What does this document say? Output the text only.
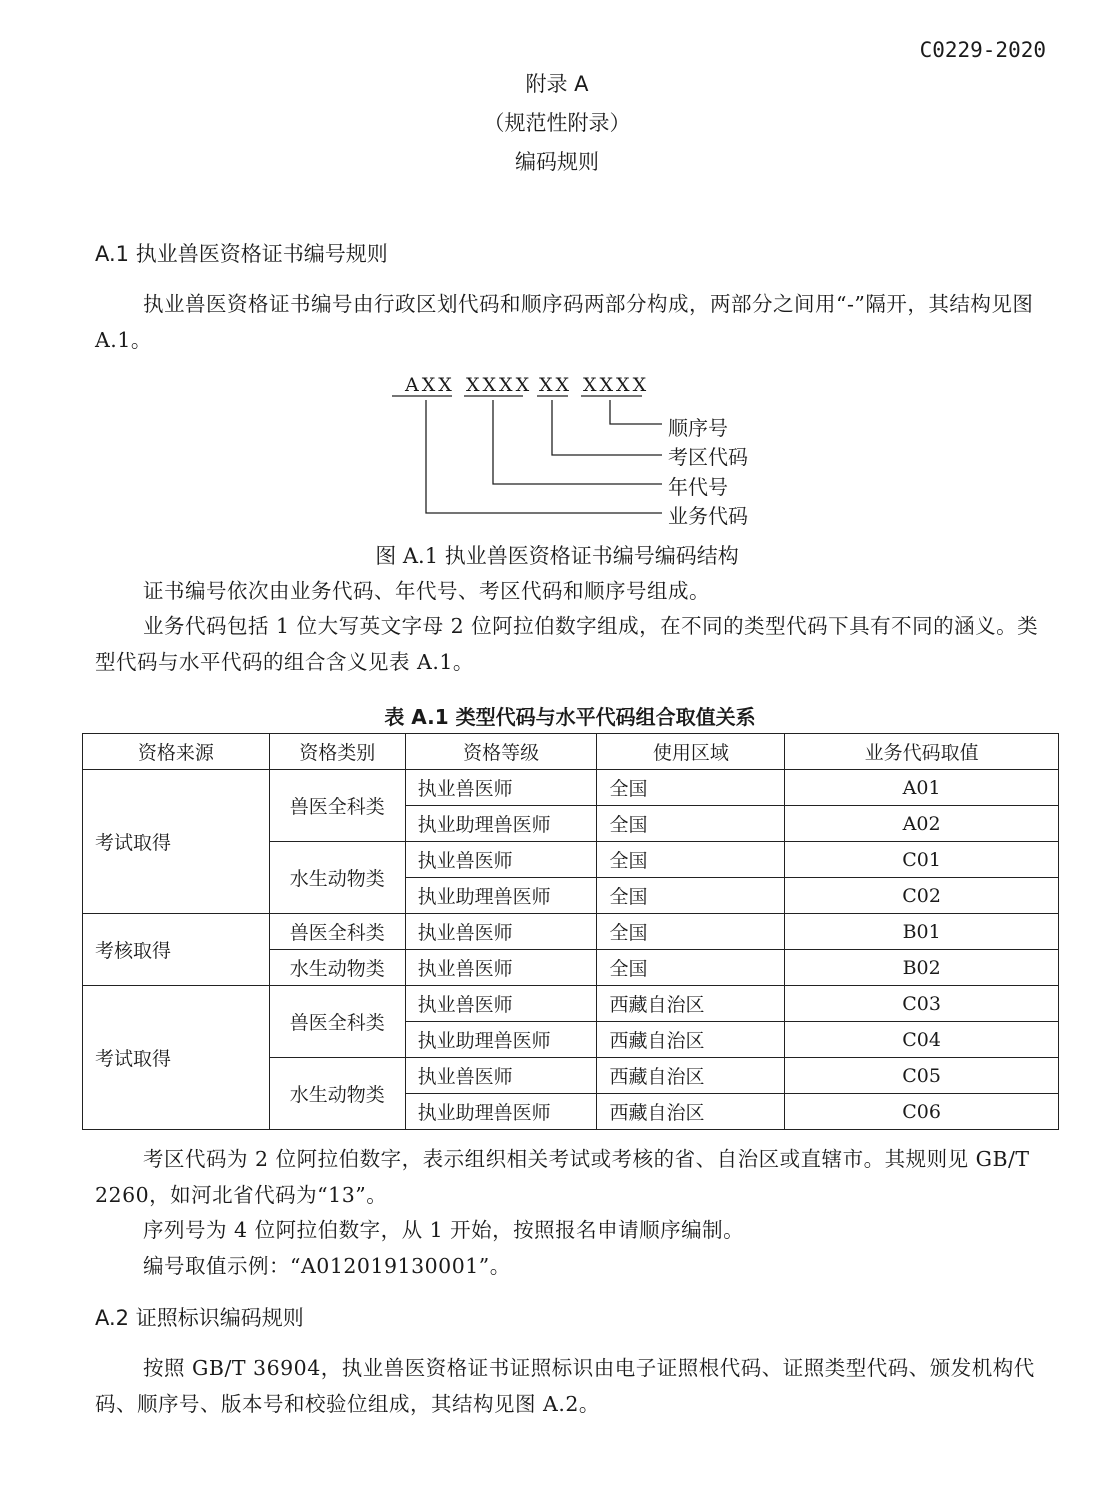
C0229-2020
附录 A
（规范性附录）
编码规则
A.1 执业兽医资格证书编号规则
执业兽医资格证书编号由行政区划代码和顺序码两部分构成，两部分之间用“-”隔开，其结构见图 A.1。
AXX XXXX XX XXXX
顺序号
考区代码
年代号
业务代码
图 A.1 执业兽医资格证书编号编码结构
证书编号依次由业务代码、年代号、考区代码和顺序号组成。
业务代码包括 1 位大写英文字母 2 位阿拉伯数字组成，在不同的类型代码下具有不同的涵义。类型代码与水平代码的组合含义见表 A.1。
表 A.1 类型代码与水平代码组合取值关系
资格来源	资格类别	资格等级	使用区域	业务代码取值
考试取得	兽医全科类	执业兽医师	全国	A01
		执业助理兽医师	全国	A02
	水生动物类	执业兽医师	全国	C01
		执业助理兽医师	全国	C02
考核取得	兽医全科类	执业兽医师	全国	B01
	水生动物类	执业兽医师	全国	B02
考试取得	兽医全科类	执业兽医师	西藏自治区	C03
		执业助理兽医师	西藏自治区	C04
	水生动物类	执业兽医师	西藏自治区	C05
		执业助理兽医师	西藏自治区	C06
考区代码为 2 位阿拉伯数字，表示组织相关考试或考核的省、自治区或直辖市。其规则见 GB/T 2260，如河北省代码为“13”。
序列号为 4 位阿拉伯数字，从 1 开始，按照报名申请顺序编制。
编号取值示例：“A012019130001”。
A.2 证照标识编码规则
按照 GB/T 36904，执业兽医资格证书证照标识由电子证照根代码、证照类型代码、颁发机构代码、顺序号、版本号和校验位组成，其结构见图 A.2。
